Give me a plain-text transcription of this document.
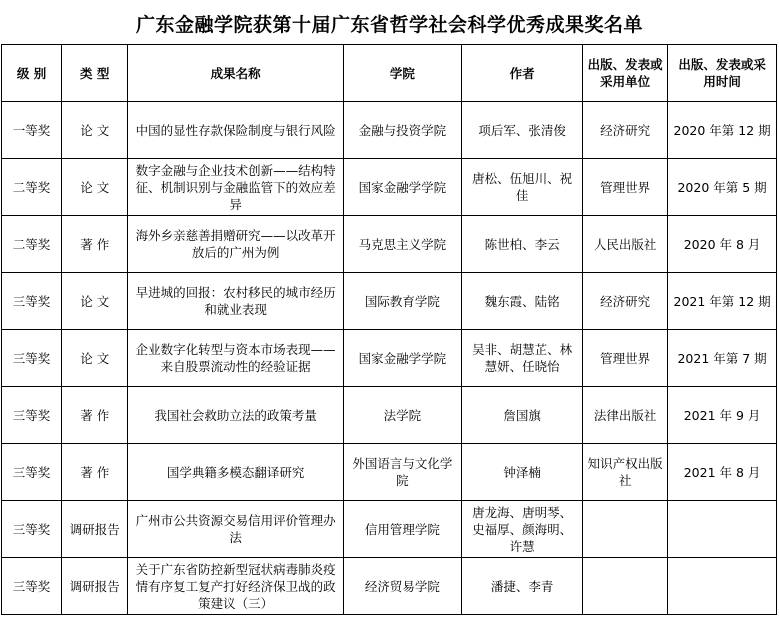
广东金融学院获第十届广东省哲学社会科学优秀成果奖名单
级 别	类 型	成果名称	学院	作者	出版、发表或采用单位	出版、发表或采用时间
一等奖	论 文	中国的显性存款保险制度与银行风险	金融与投资学院	项后军、张清俊	经济研究	2020 年第 12 期
二等奖	论 文	数字金融与企业技术创新——结构特征、机制识别与金融监管下的效应差异	国家金融学学院	唐松、伍旭川、祝佳	管理世界	2020 年第 5 期
二等奖	著 作	海外乡亲慈善捐赠研究——以改革开放后的广州为例	马克思主义学院	陈世柏、李云	人民出版社	2020 年 8 月
三等奖	论 文	早进城的回报：农村移民的城市经历和就业表现	国际教育学院	魏东霞、陆铭	经济研究	2021 年第 12 期
三等奖	论 文	企业数字化转型与资本市场表现——来自股票流动性的经验证据	国家金融学学院	吴非、胡慧芷、林慧妍、任晓怡	管理世界	2021 年第 7 期
三等奖	著 作	我国社会救助立法的政策考量	法学院	詹国旗	法律出版社	2021 年 9 月
三等奖	著 作	国学典籍多模态翻译研究	外国语言与文化学院	钟泽楠	知识产权出版社	2021 年 8 月
三等奖	调研报告	广州市公共资源交易信用评价管理办法	信用管理学院	唐龙海、唐明琴、史福厚、颜海明、许慧		
三等奖	调研报告	关于广东省防控新型冠状病毒肺炎疫情有序复工复产打好经济保卫战的政策建议（三）	经济贸易学院	潘捷、李青		
